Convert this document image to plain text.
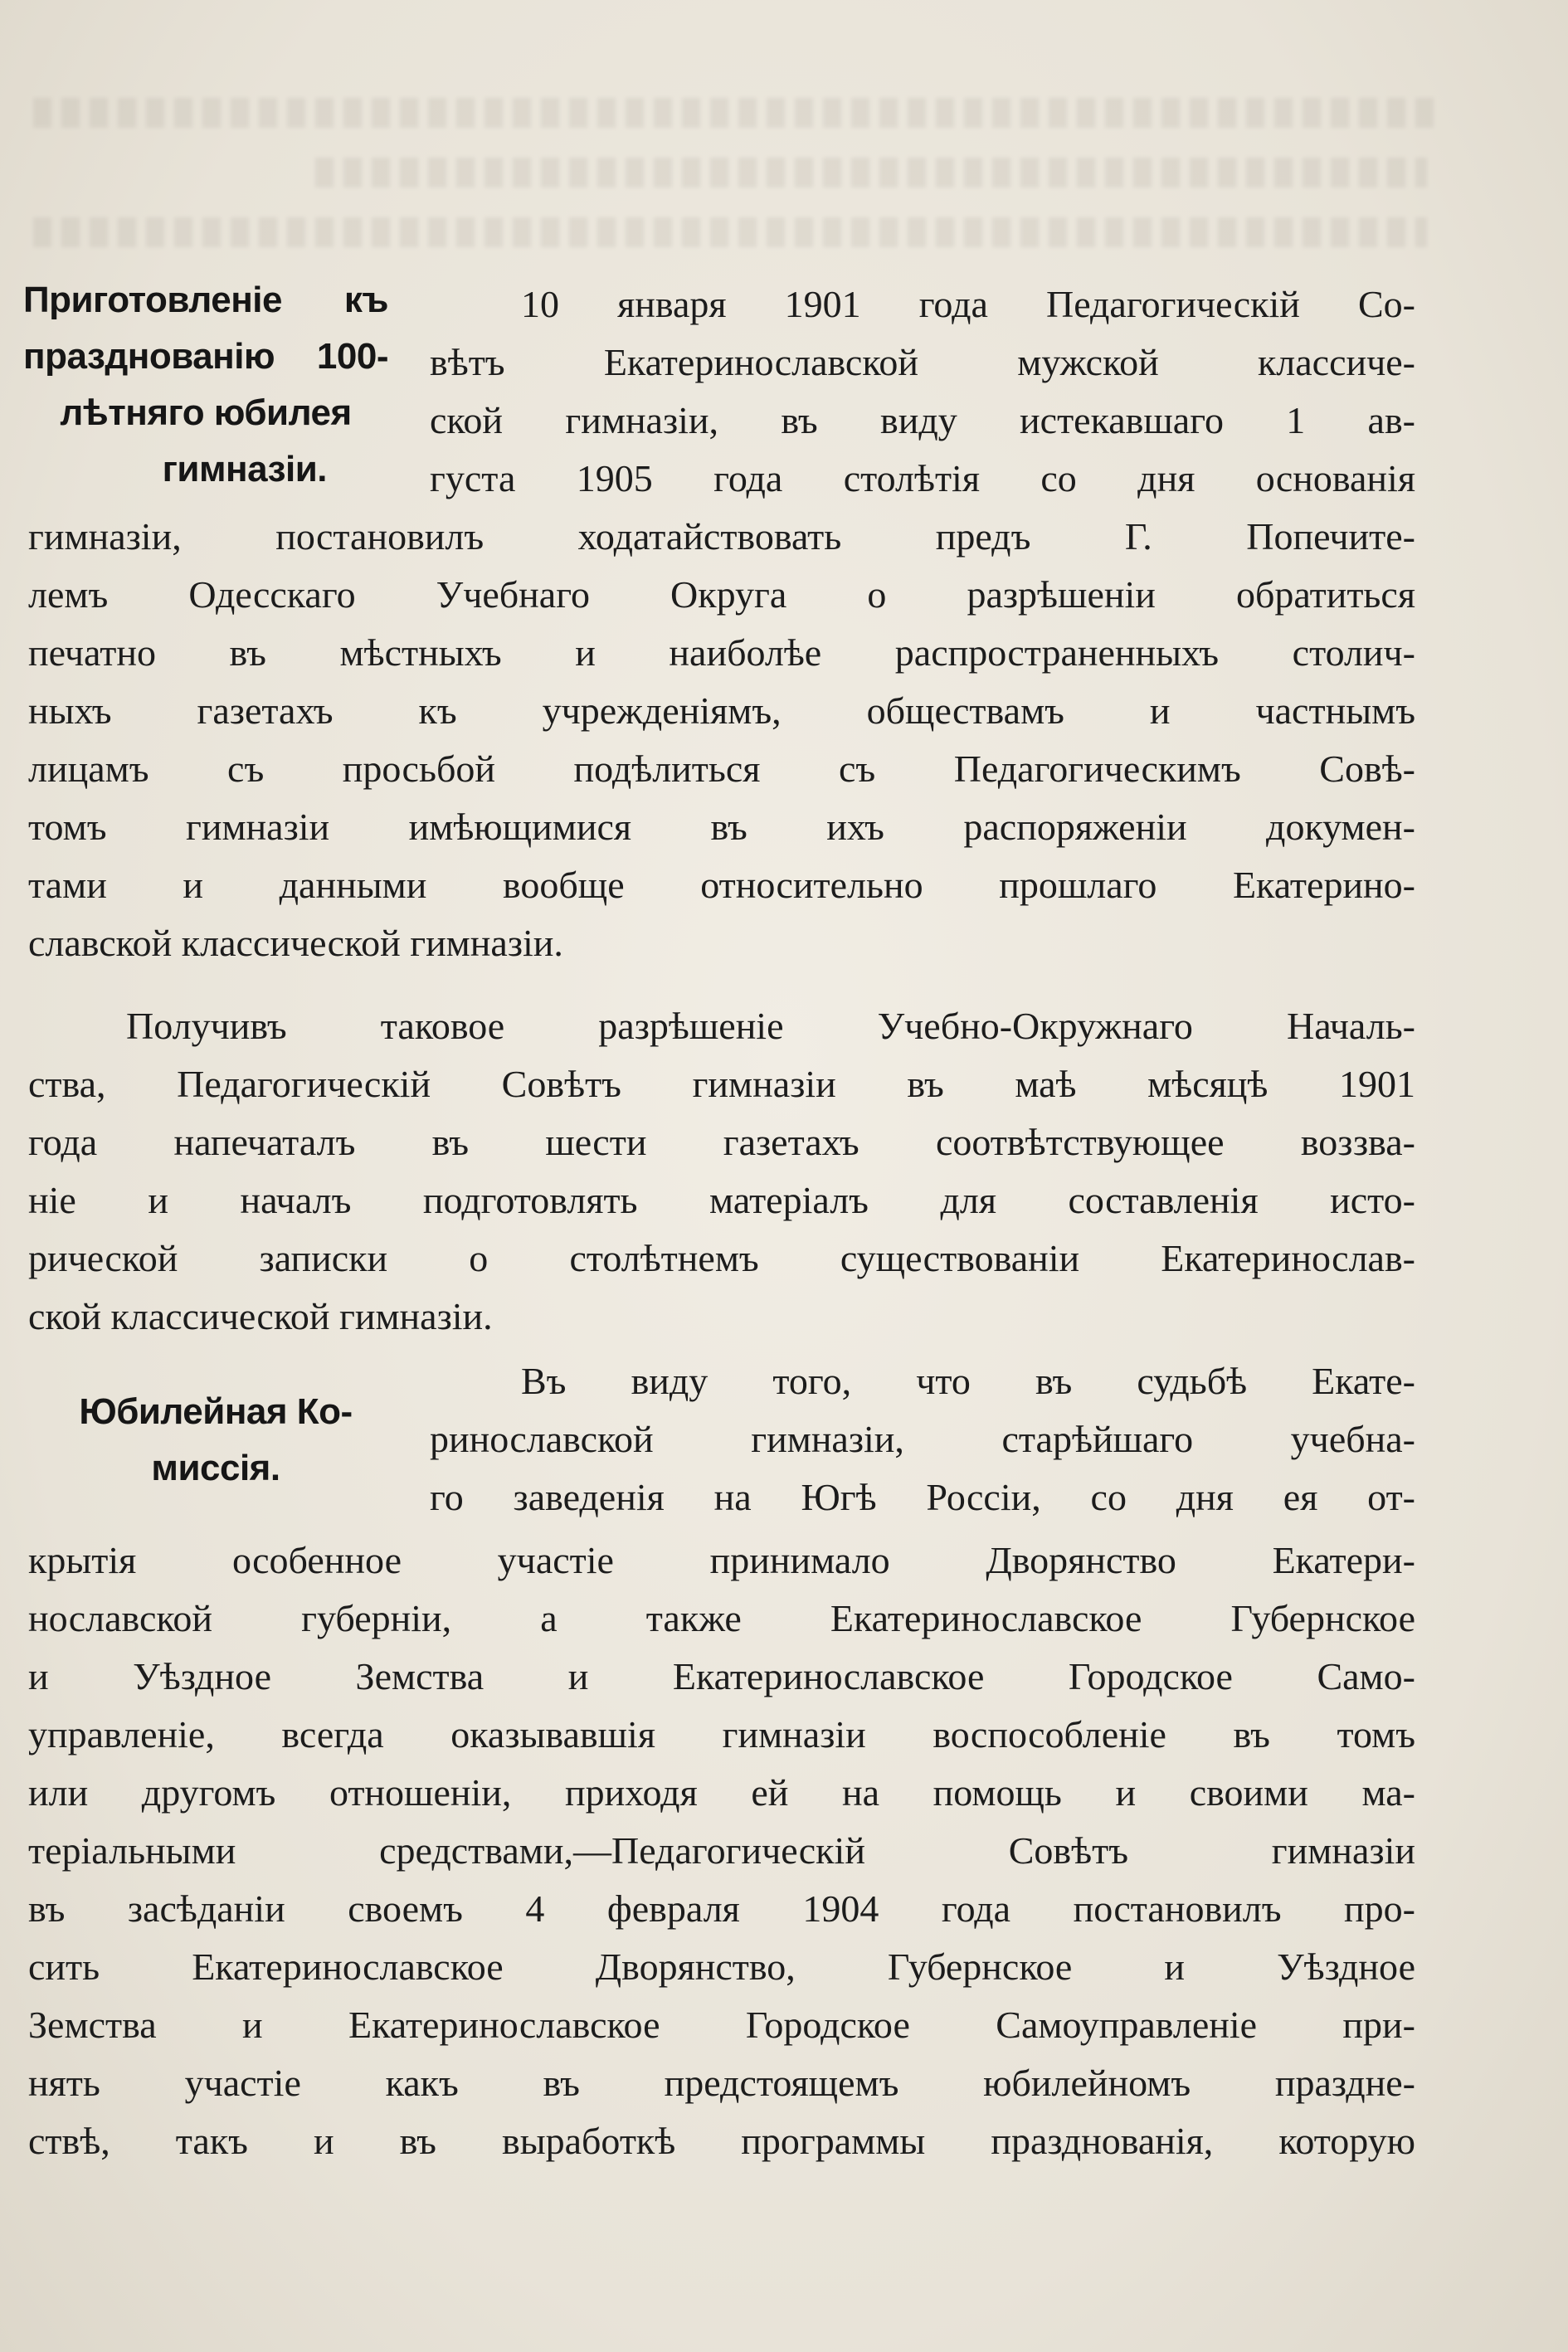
Приготовленіе къ
празднованію 100-
лѣтняго юбилея
гимназіи.
10 января 1901 года Педагогическій Со-
вѣтъ Екатеринославской мужской классиче-
ской гимназіи, въ виду истекавшаго 1 ав-
густа 1905 года столѣтія со дня основанія
гимназіи, постановилъ ходатайствовать предъ Г. Попечите-
лемъ Одесскаго Учебнаго Округа о разрѣшеніи обратиться
печатно въ мѣстныхъ и наиболѣе распространенныхъ столич-
ныхъ газетахъ къ учрежденіямъ, обществамъ и частнымъ
лицамъ съ просьбой подѣлиться съ Педагогическимъ Совѣ-
томъ гимназіи имѣющимися въ ихъ распоряженіи докумен-
тами и данными вообще относительно прошлаго Екатерино-
славской классической гимназіи.
Получивъ таковое разрѣшеніе Учебно-Окружнаго Началь-
ства, Педагогическій Совѣтъ гимназіи въ маѣ мѣсяцѣ 1901
года напечаталъ въ шести газетахъ соотвѣтствующее воззва-
ніе и началъ подготовлять матеріалъ для составленія исто-
рической записки о столѣтнемъ существованіи Екатеринослав-
ской классической гимназіи.
Юбилейная Ко-
миссія.
Въ виду того, что въ судьбѣ Екате-
ринославской гимназіи, старѣйшаго учебна-
го заведенія на Югѣ Россіи, со дня ея от-
крытія особенное участіе принимало Дворянство Екатери-
нославской губерніи, а также Екатеринославское Губернское
и Уѣздное Земства и Екатеринославское Городское Само-
управленіе, всегда оказывавшія гимназіи воспособленіе въ томъ
или другомъ отношеніи, приходя ей на помощь и своими ма-
теріальными средствами,—Педагогическій Совѣтъ гимназіи
въ засѣданіи своемъ 4 февраля 1904 года постановилъ про-
сить Екатеринославское Дворянство, Губернское и Уѣздное
Земства и Екатеринославское Городское Самоуправленіе при-
нять участіе какъ въ предстоящемъ юбилейномъ праздне-
ствѣ, такъ и въ выработкѣ программы празднованія, которую
